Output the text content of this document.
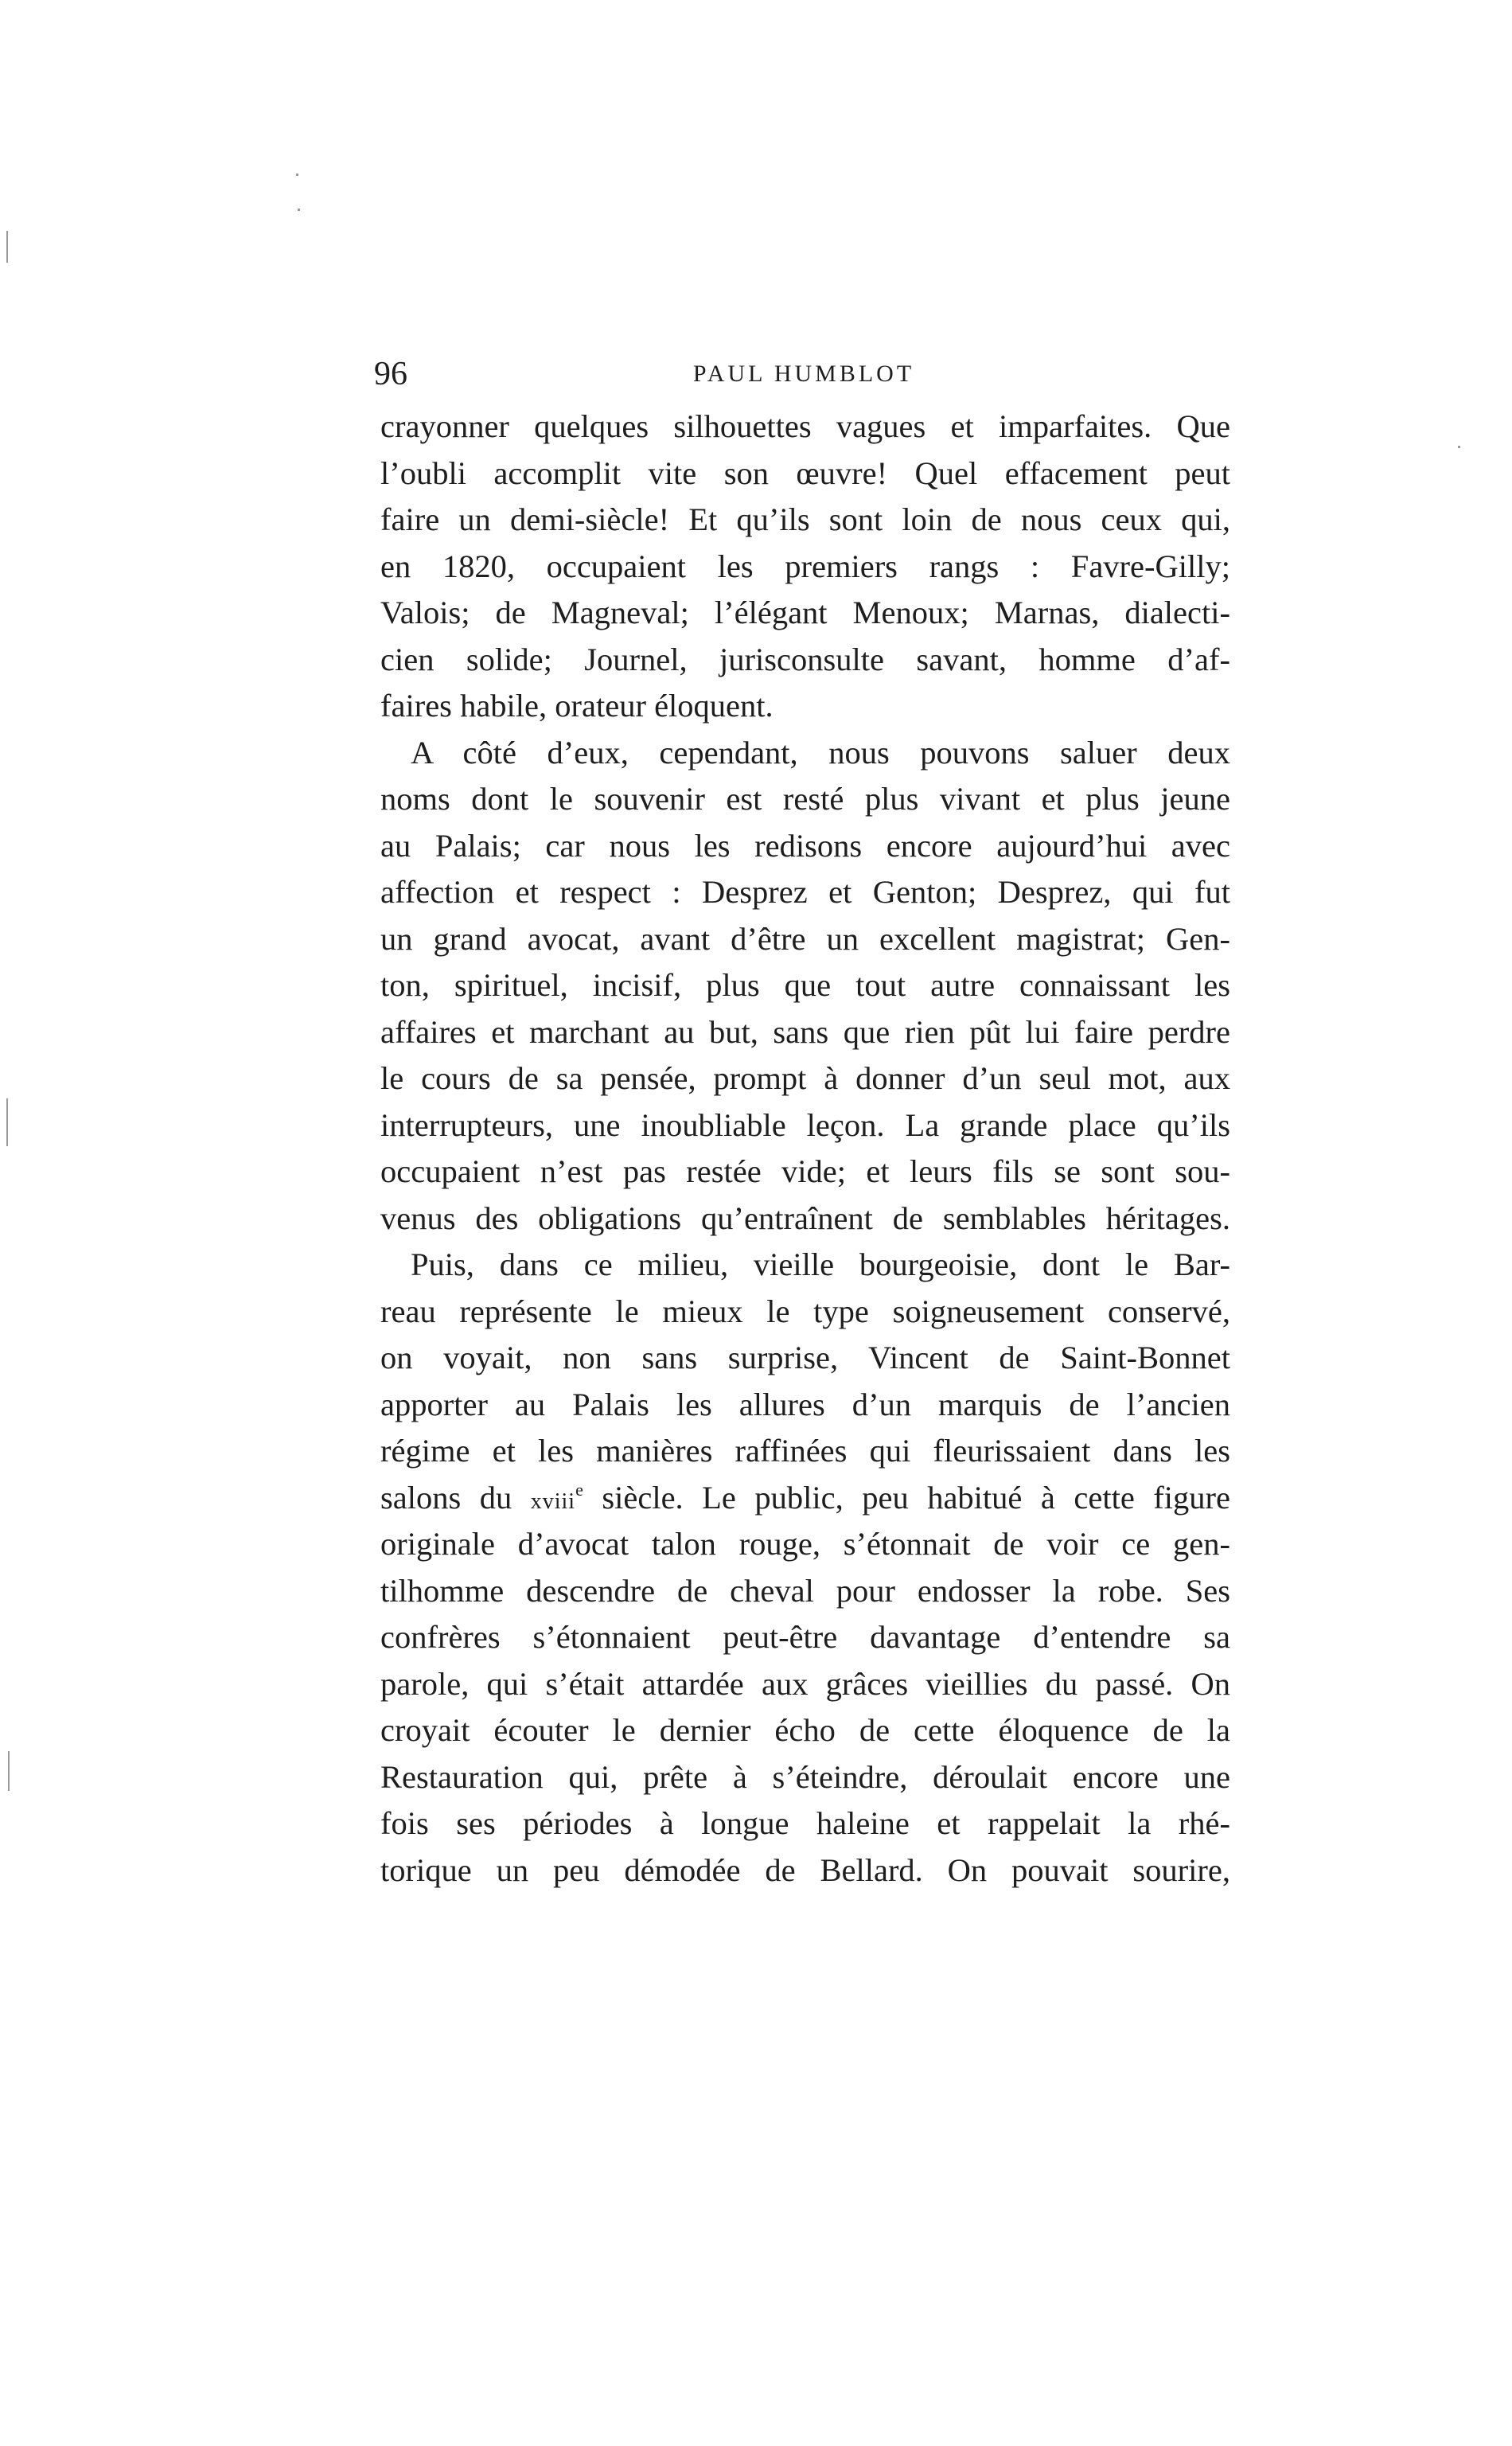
96	PAUL HUMBLOT
crayonner quelques silhouettes vagues et imparfaites. Que
l’oubli accomplit vite son œuvre! Quel effacement peut
faire un demi-siècle! Et qu’ils sont loin de nous ceux qui,
en 1820, occupaient les premiers rangs : Favre-Gilly;
Valois; de Magneval; l’élégant Menoux; Marnas, dialecti-
cien solide; Journel, jurisconsulte savant, homme d’af-
faires habile, orateur éloquent.
A côté d’eux, cependant, nous pouvons saluer deux
noms dont le souvenir est resté plus vivant et plus jeune
au Palais; car nous les redisons encore aujourd’hui avec
affection et respect : Desprez et Genton; Desprez, qui fut
un grand avocat, avant d’être un excellent magistrat; Gen-
ton, spirituel, incisif, plus que tout autre connaissant les
affaires et marchant au but, sans que rien pût lui faire perdre
le cours de sa pensée, prompt à donner d’un seul mot, aux
interrupteurs, une inoubliable leçon. La grande place qu’ils
occupaient n’est pas restée vide; et leurs fils se sont sou-
venus des obligations qu’entraînent de semblables héritages.
Puis, dans ce milieu, vieille bourgeoisie, dont le Bar-
reau représente le mieux le type soigneusement conservé,
on voyait, non sans surprise, Vincent de Saint-Bonnet
apporter au Palais les allures d’un marquis de l’ancien
régime et les manières raffinées qui fleurissaient dans les
salons du xviii$^e$ siècle. Le public, peu habitué à cette figure
originale d’avocat talon rouge, s’étonnait de voir ce gen-
tilhomme descendre de cheval pour endosser la robe. Ses
confrères s’étonnaient peut-être davantage d’entendre sa
parole, qui s’était attardée aux grâces vieillies du passé. On
croyait écouter le dernier écho de cette éloquence de la
Restauration qui, prête à s’éteindre, déroulait encore une
fois ses périodes à longue haleine et rappelait la rhé-
torique un peu démodée de Bellard. On pouvait sourire,
